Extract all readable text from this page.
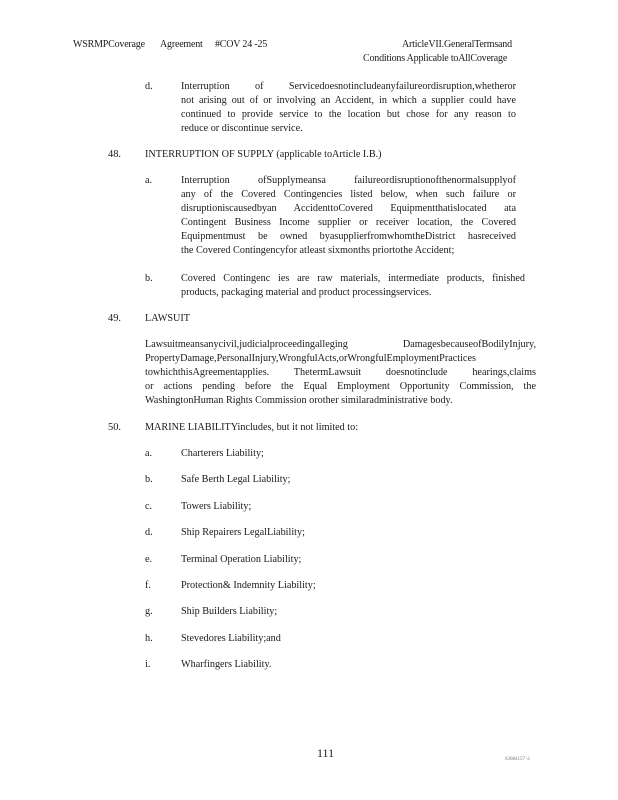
WSRMPCoverage Agreement #COV 24 -25	ArticleVII.GeneralTermsand
Conditions Applicable toAllCoverage
d.	Interruption of Servicedoesnotincludeanyfailureordisruption,whetheror
not arising out of or involving an Accident, in which a supplier could have
continued to provide service to the location but chose for any reason to
reduce or discontinue service.
48. INTERRUPTION OF SUPPLY (applicable toArticle I.B.)
a.	Interruption ofSupplymeansa failureordisruptionofthenormalsupplyof
any of the Covered Contingencies listed below, when such failure or
disruptioniscausedbyan AccidenttoCovered Equipmentthatislocated ata
Contingent Business Income supplier or receiver location, the Covered
Equipmentmust be owned byasupplierfromwhomtheDistrict hasreceived
the Covered Contingencyfor atleast sixmonths priortothe Accident;
b.	Covered Contingenc ies are raw materials, intermediate products, finished
products, packaging material and product processingservices.
49. LAWSUIT
Lawsuitmeansanycivil,judicialproceedingalleging DamagesbecauseofBodilyInjury,
PropertyDamage,PersonalInjury,WrongfulActs,orWrongfulEmploymentPractices
towhichthisAgreementapplies. ThetermLawsuit doesnotinclude hearings,claims
or actions pending before the Equal Employment Opportunity Commission, the
WashingtonHuman Rights Commission orother similaradministrative body.
50. MARINE LIABILITYincludes, but it not limited to:
a.	Charterers Liability;
b.	Safe Berth Legal Liability;
c.	Towers Liability;
d.	Ship Repairers LegalLiability;
e.	Terminal Operation Liability;
f.	Protection& Indemnity Liability;
g.	Ship Builders Liability;
h.	Stevedores Liability;and
i.	Wharfingers Liability.
111	63684157 \1
